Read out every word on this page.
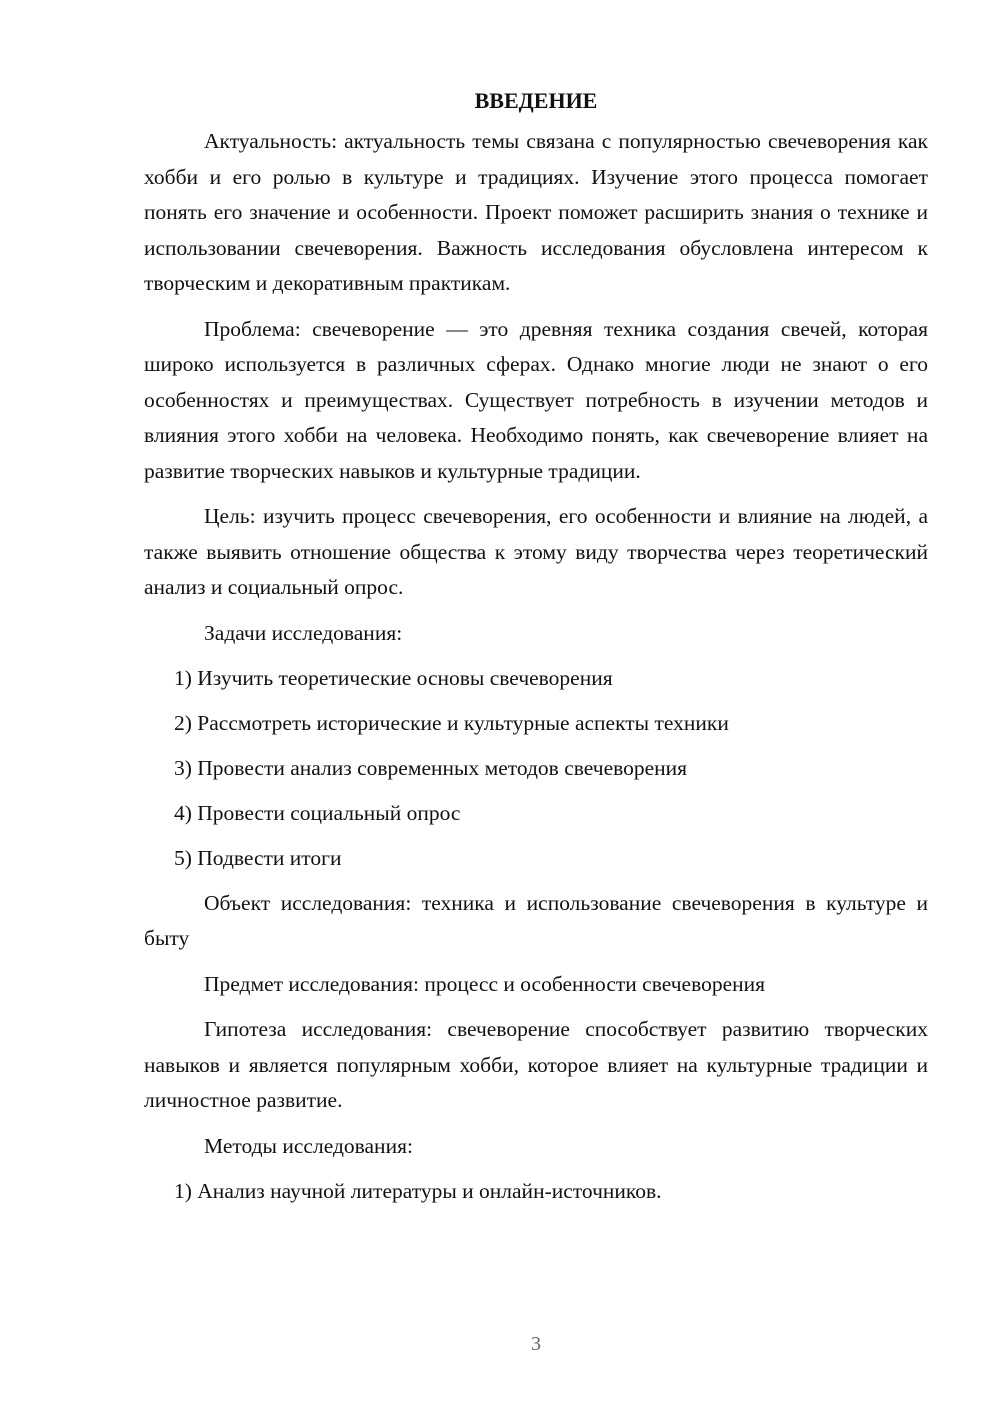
ВВЕДЕНИЕ

Актуальность: актуальность темы связана с популярностью свечеворения как хобби и его ролью в культуре и традициях. Изучение этого процесса помогает понять его значение и особенности. Проект поможет расширить знания о технике и использовании свечеворения. Важность исследования обусловлена интересом к творческим и декоративным практикам.

Проблема: свечеворение — это древняя техника создания свечей, которая широко используется в различных сферах. Однако многие люди не знают о его особенностях и преимуществах. Существует потребность в изучении методов и влияния этого хобби на человека. Необходимо понять, как свечеворение влияет на развитие творческих навыков и культурные традиции.

Цель: изучить процесс свечеворения, его особенности и влияние на людей, а также выявить отношение общества к этому виду творчества через теоретический анализ и социальный опрос.

Задачи исследования:
1) Изучить теоретические основы свечеворения
2) Рассмотреть исторические и культурные аспекты техники
3) Провести анализ современных методов свечеворения
4) Провести социальный опрос
5) Подвести итоги

Объект исследования: техника и использование свечеворения в культуре и быту

Предмет исследования: процесс и особенности свечеворения

Гипотеза исследования: свечеворение способствует развитию творческих навыков и является популярным хобби, которое влияет на культурные традиции и личностное развитие.

Методы исследования:
1) Анализ научной литературы и онлайн-источников.
3
